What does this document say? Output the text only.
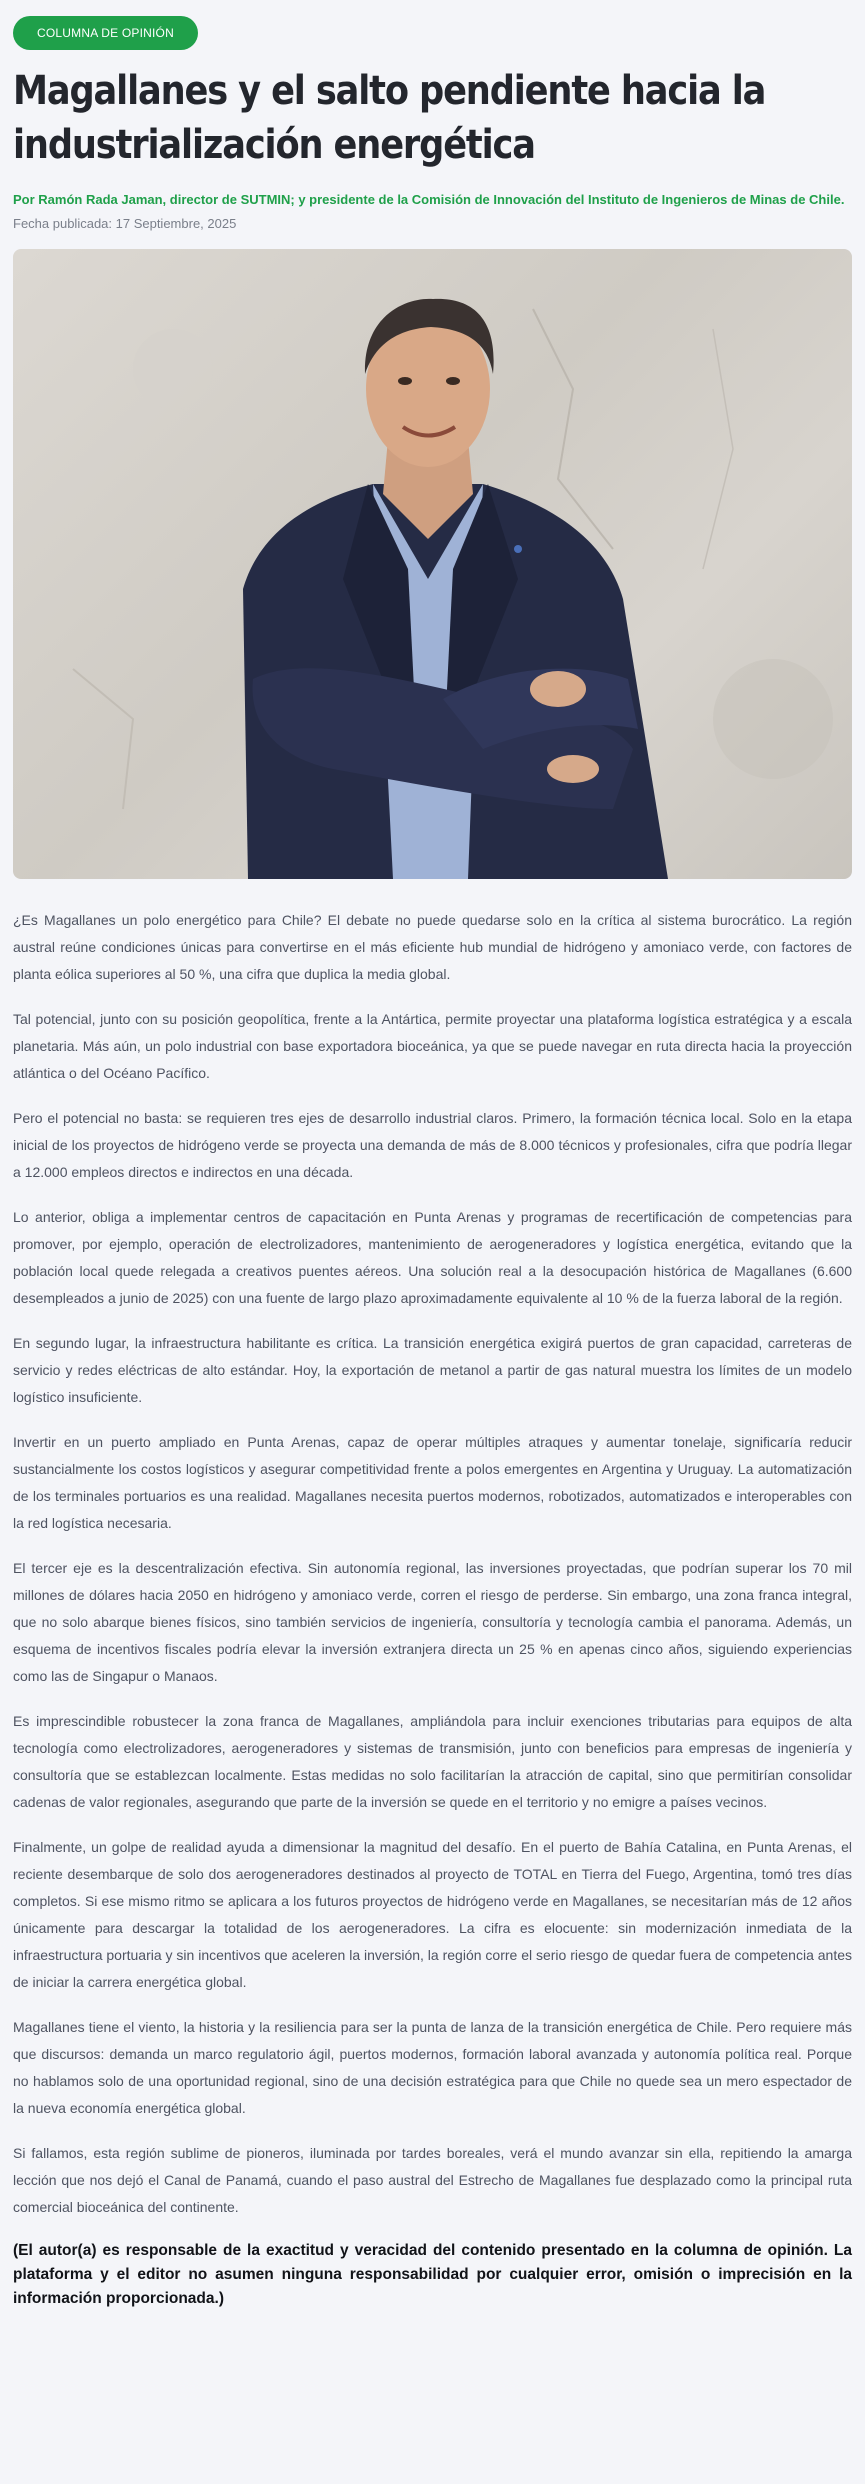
COLUMNA DE OPINIÓN
Magallanes y el salto pendiente hacia la industrialización energética

Por Ramón Rada Jaman, director de SUTMIN; y presidente de la Comisión de Innovación del Instituto de Ingenieros de Minas de Chile.

Fecha publicada: 17 Septiembre, 2025

¿Es Magallanes un polo energético para Chile? El debate no puede quedarse solo en la crítica al sistema burocrático. La región austral reúne condiciones únicas para convertirse en el más eficiente hub mundial de hidrógeno y amoniaco verde, con factores de planta eólica superiores al 50 %, una cifra que duplica la media global.

Tal potencial, junto con su posición geopolítica, frente a la Antártica, permite proyectar una plataforma logística estratégica y a escala planetaria. Más aún, un polo industrial con base exportadora bioceánica, ya que se puede navegar en ruta directa hacia la proyección atlántica o del Océano Pacífico.

Pero el potencial no basta: se requieren tres ejes de desarrollo industrial claros. Primero, la formación técnica local. Solo en la etapa inicial de los proyectos de hidrógeno verde se proyecta una demanda de más de 8.000 técnicos y profesionales, cifra que podría llegar a 12.000 empleos directos e indirectos en una década.

Lo anterior, obliga a implementar centros de capacitación en Punta Arenas y programas de recertificación de competencias para promover, por ejemplo, operación de electrolizadores, mantenimiento de aerogeneradores y logística energética, evitando que la población local quede relegada a creativos puentes aéreos. Una solución real a la desocupación histórica de Magallanes (6.600 desempleados a junio de 2025) con una fuente de largo plazo aproximadamente equivalente al 10 % de la fuerza laboral de la región.

En segundo lugar, la infraestructura habilitante es crítica. La transición energética exigirá puertos de gran capacidad, carreteras de servicio y redes eléctricas de alto estándar. Hoy, la exportación de metanol a partir de gas natural muestra los límites de un modelo logístico insuficiente.

Invertir en un puerto ampliado en Punta Arenas, capaz de operar múltiples atraques y aumentar tonelaje, significaría reducir sustancialmente los costos logísticos y asegurar competitividad frente a polos emergentes en Argentina y Uruguay. La automatización de los terminales portuarios es una realidad. Magallanes necesita puertos modernos, robotizados, automatizados e interoperables con la red logística necesaria.

El tercer eje es la descentralización efectiva. Sin autonomía regional, las inversiones proyectadas, que podrían superar los 70 mil millones de dólares hacia 2050 en hidrógeno y amoniaco verde, corren el riesgo de perderse. Sin embargo, una zona franca integral, que no solo abarque bienes físicos, sino también servicios de ingeniería, consultoría y tecnología cambia el panorama. Además, un esquema de incentivos fiscales podría elevar la inversión extranjera directa un 25 % en apenas cinco años, siguiendo experiencias como las de Singapur o Manaos.

Es imprescindible robustecer la zona franca de Magallanes, ampliándola para incluir exenciones tributarias para equipos de alta tecnología como electrolizadores, aerogeneradores y sistemas de transmisión, junto con beneficios para empresas de ingeniería y consultoría que se establezcan localmente. Estas medidas no solo facilitarían la atracción de capital, sino que permitirían consolidar cadenas de valor regionales, asegurando que parte de la inversión se quede en el territorio y no emigre a países vecinos.

Finalmente, un golpe de realidad ayuda a dimensionar la magnitud del desafío. En el puerto de Bahía Catalina, en Punta Arenas, el reciente desembarque de solo dos aerogeneradores destinados al proyecto de TOTAL en Tierra del Fuego, Argentina, tomó tres días completos. Si ese mismo ritmo se aplicara a los futuros proyectos de hidrógeno verde en Magallanes, se necesitarían más de 12 años únicamente para descargar la totalidad de los aerogeneradores. La cifra es elocuente: sin modernización inmediata de la infraestructura portuaria y sin incentivos que aceleren la inversión, la región corre el serio riesgo de quedar fuera de competencia antes de iniciar la carrera energética global.

Magallanes tiene el viento, la historia y la resiliencia para ser la punta de lanza de la transición energética de Chile. Pero requiere más que discursos: demanda un marco regulatorio ágil, puertos modernos, formación laboral avanzada y autonomía política real. Porque no hablamos solo de una oportunidad regional, sino de una decisión estratégica para que Chile no quede sea un mero espectador de la nueva economía energética global.

Si fallamos, esta región sublime de pioneros, iluminada por tardes boreales, verá el mundo avanzar sin ella, repitiendo la amarga lección que nos dejó el Canal de Panamá, cuando el paso austral del Estrecho de Magallanes fue desplazado como la principal ruta comercial bioceánica del continente.

(El autor(a) es responsable de la exactitud y veracidad del contenido presentado en la columna de opinión. La plataforma y el editor no asumen ninguna responsabilidad por cualquier error, omisión o imprecisión en la información proporcionada.)
